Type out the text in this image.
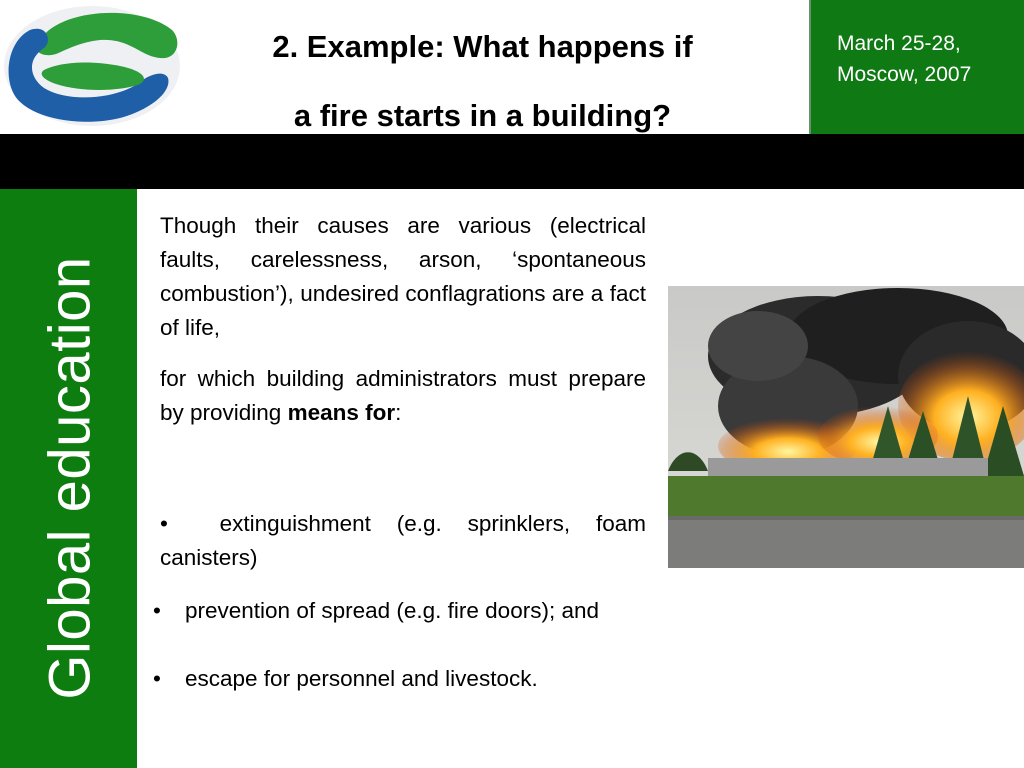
2. Example: What happens if
a fire starts in a building?
March 25-28,
Moscow, 2007
Global education

Though their causes are various (electrical faults, carelessness, arson, ‘spontaneous combustion’), undesired conflagrations are a fact of life,

for which building administrators must prepare by providing means for:

• extinguishment (e.g. sprinklers, foam canisters)

• prevention of spread (e.g. fire doors); and
• escape for personnel and livestock.
